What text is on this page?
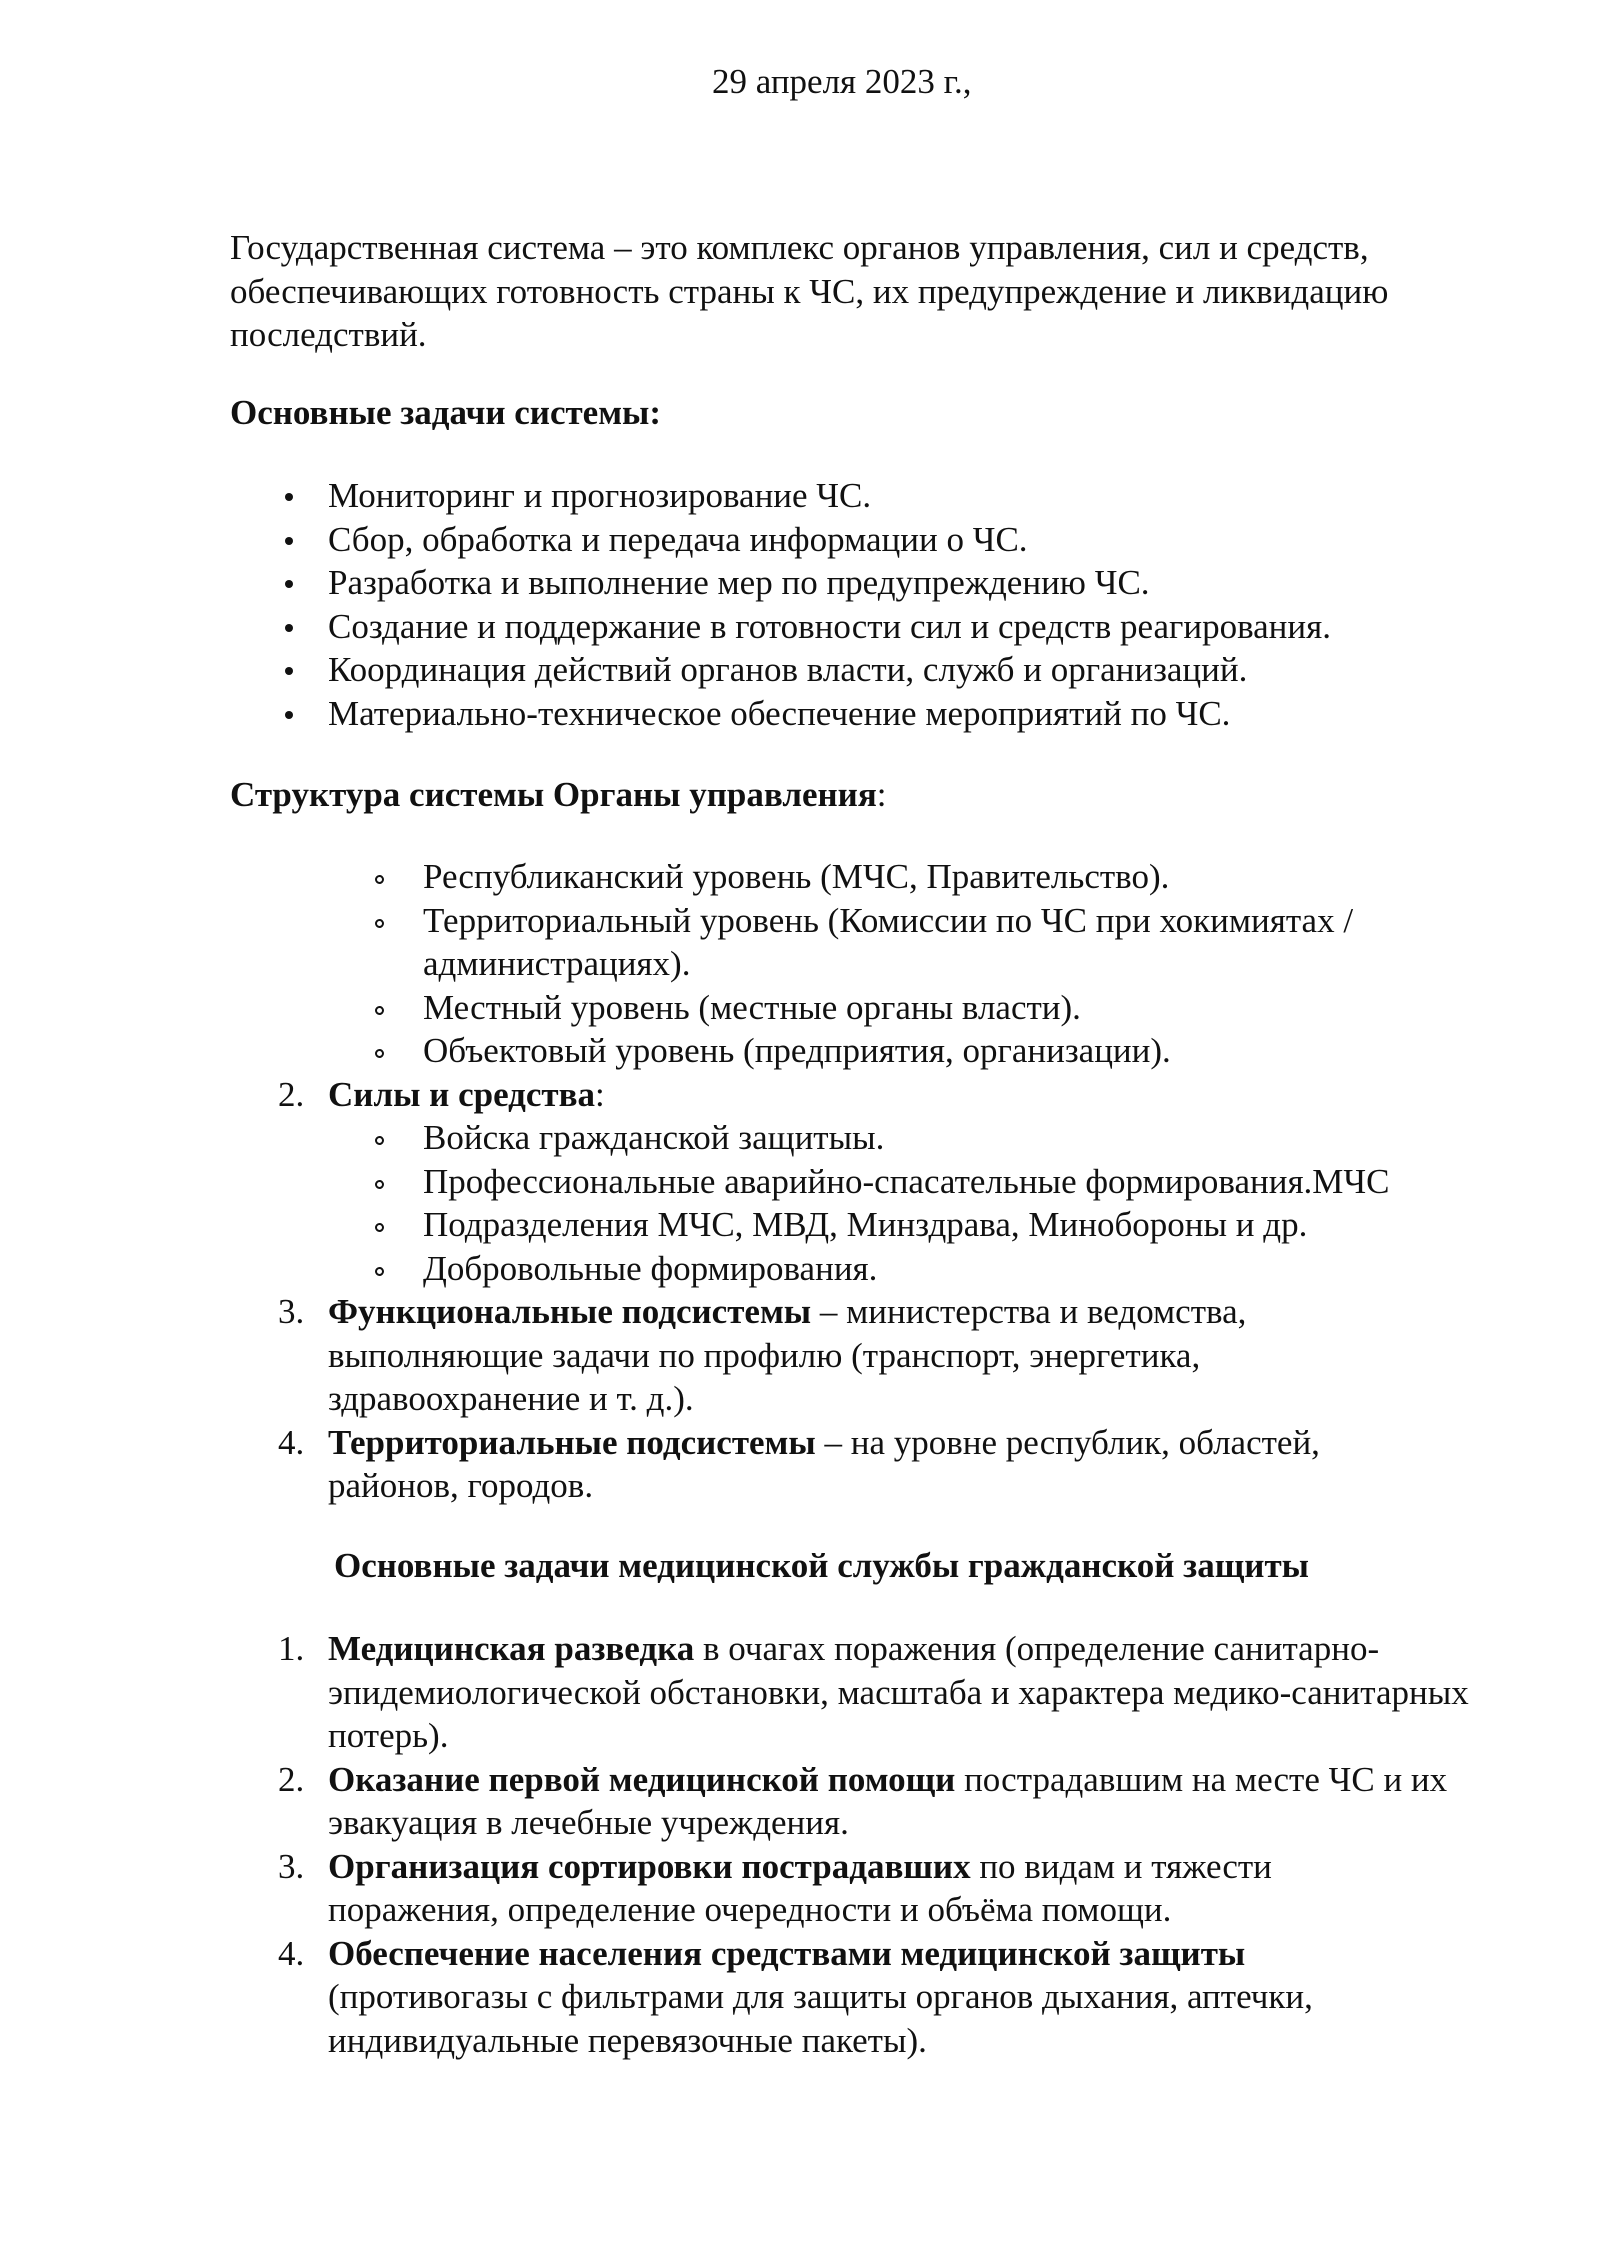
29 апреля 2023 г.,
Государственная система – это комплекс органов управления, сил и средств, обеспечивающих готовность страны к ЧС, их предупреждение и ликвидацию последствий.
Основные задачи системы:
Мониторинг и прогнозирование ЧС.
Сбор, обработка и передача информации о ЧС.
Разработка и выполнение мер по предупреждению ЧС.
Создание и поддержание в готовности сил и средств реагирования.
Координация действий органов власти, служб и организаций.
Материально-техническое обеспечение мероприятий по ЧС.
Структура системы Органы управления:
Республиканский уровень (МЧС, Правительство).
Территориальный уровень (Комиссии по ЧС при хокимиятах / администрациях).
Местный уровень (местные органы власти).
Объектовый уровень (предприятия, организации).
2. Силы и средства:
Войска гражданской защитыы.
Профессиональные аварийно-спасательные формирования.МЧС
Подразделения МЧС, МВД, Минздрава, Минобороны и др.
Добровольные формирования.
3. Функциональные подсистемы – министерства и ведомства, выполняющие задачи по профилю (транспорт, энергетика, здравоохранение и т. д.).
4. Территориальные подсистемы – на уровне республик, областей, районов, городов.
Основные задачи медицинской службы гражданской защиты
1. Медицинская разведка в очагах поражения (определение санитарно-эпидемиологической обстановки, масштаба и характера медико-санитарных потерь).
2. Оказание первой медицинской помощи пострадавшим на месте ЧС и их эвакуация в лечебные учреждения.
3. Организация сортировки пострадавших по видам и тяжести поражения, определение очередности и объёма помощи.
4. Обеспечение населения средствами медицинской защиты (противогазы с фильтрами для защиты органов дыхания, аптечки, индивидуальные перевязочные пакеты).
